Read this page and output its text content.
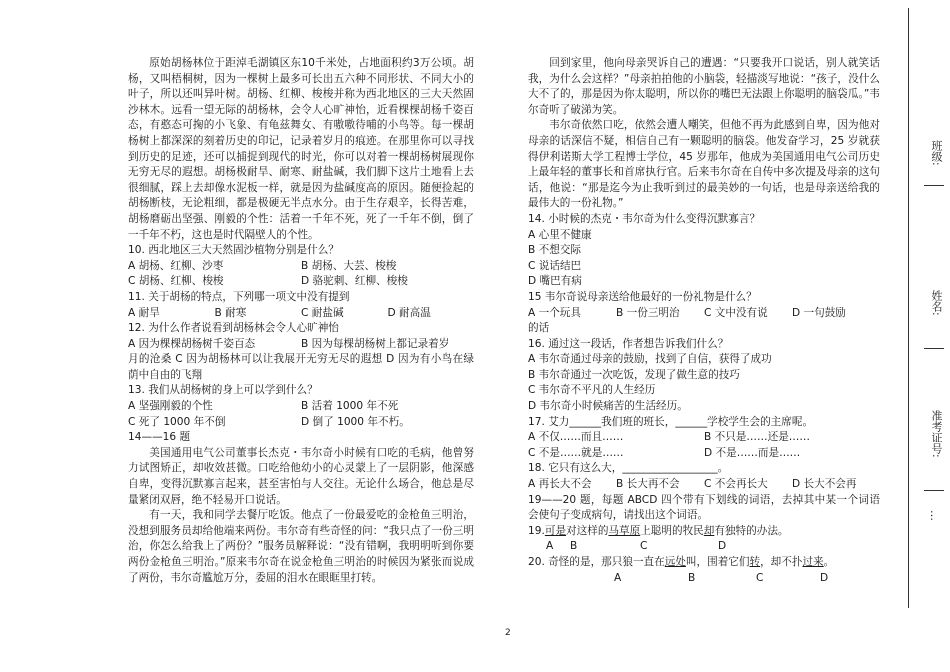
原始胡杨林位于距淖毛湖镇区东10千米处，占地面积约3万公顷。胡杨，又叫梧桐树，因为一棵树上最多可长出五六种不同形状、不同大小的叶子，所以还叫异叶树。胡杨、红柳、梭梭并称为西北地区的三大天然固沙林木。远看一望无际的胡杨林，会令人心旷神怡，近看棵棵胡杨千姿百态，有憨态可掬的小飞象、有龟兹舞女、有嗷嗷待哺的小鸟等。每一棵胡杨树上都深深的刻着历史的印记，记录着岁月的痕迹。在那里你可以寻找到历史的足迹，还可以捕捉到现代的时光，你可以对着一棵胡杨树展现你无穷无尽的遐想。胡杨极耐旱、耐寒、耐盐碱，我们脚下这片土地看上去很细腻，踩上去却像水泥板一样，就是因为盐碱度高的原因。随便捡起的胡杨断枝，无论粗细，都是极硬无半点水分。由于生存艰辛，长得苦难，胡杨磨砺出坚强、刚毅的个性：活着一千年不死，死了一千年不倒，倒了一千年不朽，这也是时代隔壁人的个性。

10. 西北地区三大天然固沙植物分别是什么？

A 胡杨、红柳、沙枣	B 胡杨、大芸、梭梭

C 胡杨、红柳、梭梭	D 骆驼刺、红柳、梭梭

11. 关于胡杨的特点，下列哪一项文中没有提到

A 耐旱	B 耐寒	C 耐盐碱	D 耐高温

12. 为什么作者说看到胡杨林会令人心旷神怡

A 因为棵棵胡杨树千姿百态	B 因为每棵胡杨树上都记录着岁

月的沧桑 C 因为胡杨林可以让我展开无穷无尽的遐想 D 因为有小鸟在绿荫中自由的飞翔

13. 我们从胡杨树的身上可以学到什么？

A 坚强刚毅的个性	B 活着 1000 年不死

C 死了 1000 年不倒	D 倒了 1000 年不朽。

14——16 题

美国通用电气公司董事长杰克・韦尔奇小时候有口吃的毛病，他曾努力试图矫正，却收效甚微。口吃给他幼小的心灵蒙上了一层阴影，他深感自卑，变得沉默寡言起来，甚至害怕与人交往。无论什么场合，他总是尽量紧闭双唇，绝不轻易开口说话。

有一天，我和同学去餐厅吃饭。他点了一份最爱吃的金枪鱼三明治，没想到服务员却给他端来两份。韦尔奇有些奇怪的问：“我只点了一份三明治，你怎么给我上了两份？”服务员解释说：“没有错啊，我明明听到你要两份金枪鱼三明治。”原来韦尔奇在说金枪鱼三明治的时候因为紧张而说成了两份，韦尔奇尴尬万分，委屈的泪水在眼眶里打转。

回到家里，他向母亲哭诉自己的遭遇：“只要我开口说话，别人就笑话我，为什么会这样？”母亲拍拍他的小脑袋，轻描淡写地说：“孩子，没什么大不了的，那是因为你太聪明，所以你的嘴巴无法跟上你聪明的脑袋瓜。”韦尔奇听了破涕为笑。

韦尔奇依然口吃，依然会遭人嘲笑，但他不再为此感到自卑，因为他对母亲的话深信不疑，相信自己有一颗聪明的脑袋。他发奋学习，25 岁就获得伊利诺斯大学工程博士学位，45 岁那年，他成为美国通用电气公司历史上最年轻的董事长和首席执行官。后来韦尔奇在自传中多次提及母亲的这句话，他说：“那是迄今为止我听到过的最美妙的一句话，也是母亲送给我的最伟大的一份礼物。”

14. 小时候的杰克・韦尔奇为什么变得沉默寡言？

A 心里不健康

B 不想交际

C 说话结巴

D 嘴巴有病

15 韦尔奇说母亲送给他最好的一份礼物是什么？

A 一个玩具	B 一份三明治	C 文中没有说	D 一句鼓励

的话

16. 通过这一段话，作者想告诉我们什么？

A 韦尔奇通过母亲的鼓励，找到了自信，获得了成功

B 韦尔奇通过一次吃饭，发现了做生意的技巧

C 韦尔奇不平凡的人生经历

D 韦尔奇小时候痛苦的生活经历。

17. 艾力______我们班的班长，______学校学生会的主席呢。

A 不仅……而且……	B 不只是……还是……

C 不是……就是……	D 不是……而是……

18. 它只有这么大，__________________。

A 再长大不会	B 长大再不会	C 不会再长大	D 长大不会再

19——20 题，每题 ABCD 四个带有下划线的词语，去掉其中某一个词语会使句子变成病句，请找出这个词语。

19.可是对这样的马草原上聪明的牧民却有独特的办法。

A B	C	D

20. 奇怪的是，那只狼一直在远处叫，围着它们转，却不扑过来。

A	B	C	D

2
班级:
姓名:
准考证号:
…
